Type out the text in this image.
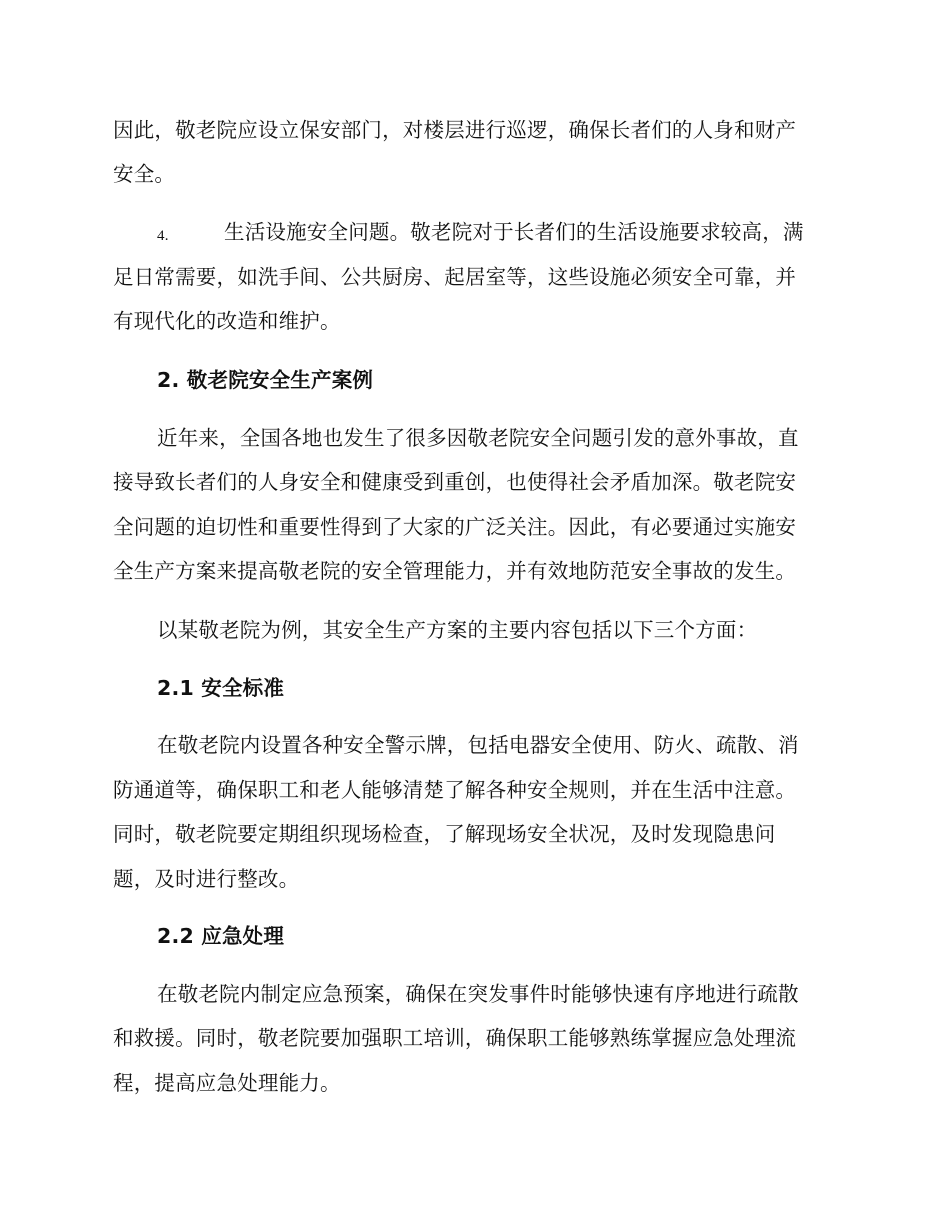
因此，敬老院应设立保安部门，对楼层进行巡逻，确保长者们的人身和财产
安全。
4.	生活设施安全问题。敬老院对于长者们的生活设施要求较高，满
足日常需要，如洗手间、公共厨房、起居室等，这些设施必须安全可靠，并
有现代化的改造和维护。
2. 敬老院安全生产案例
近年来，全国各地也发生了很多因敬老院安全问题引发的意外事故，直
接导致长者们的人身安全和健康受到重创，也使得社会矛盾加深。敬老院安
全问题的迫切性和重要性得到了大家的广泛关注。因此，有必要通过实施安
全生产方案来提高敬老院的安全管理能力，并有效地防范安全事故的发生。
以某敬老院为例，其安全生产方案的主要内容包括以下三个方面：
2.1 安全标准
在敬老院内设置各种安全警示牌，包括电器安全使用、防火、疏散、消
防通道等，确保职工和老人能够清楚了解各种安全规则，并在生活中注意。
同时，敬老院要定期组织现场检查，了解现场安全状况，及时发现隐患问
题，及时进行整改。
2.2 应急处理
在敬老院内制定应急预案，确保在突发事件时能够快速有序地进行疏散
和救援。同时，敬老院要加强职工培训，确保职工能够熟练掌握应急处理流
程，提高应急处理能力。
